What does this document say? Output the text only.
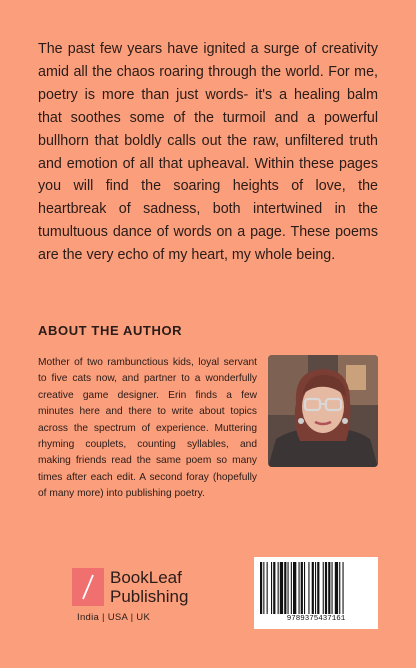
The past few years have ignited a surge of creativity amid all the chaos roaring through the world. For me, poetry is more than just words- it's a healing balm that soothes some of the turmoil and a powerful bullhorn that boldly calls out the raw, unfiltered truth and emotion of all that upheaval. Within these pages you will find the soaring heights of love, the heartbreak of sadness, both intertwined in the tumultuous dance of words on a page. These poems are the very echo of my heart, my whole being.

ABOUT THE AUTHOR

Mother of two rambunctious kids, loyal servant to five cats now, and partner to a wonderfully creative game designer. Erin finds a few minutes here and there to write about topics across the spectrum of experience. Muttering rhyming couplets, counting syllables, and making friends read the same poem so many times after each edit. A second foray (hopefully of many more) into publishing poetry.

BookLeaf
Publishing
India | USA | UK	9789375437161
